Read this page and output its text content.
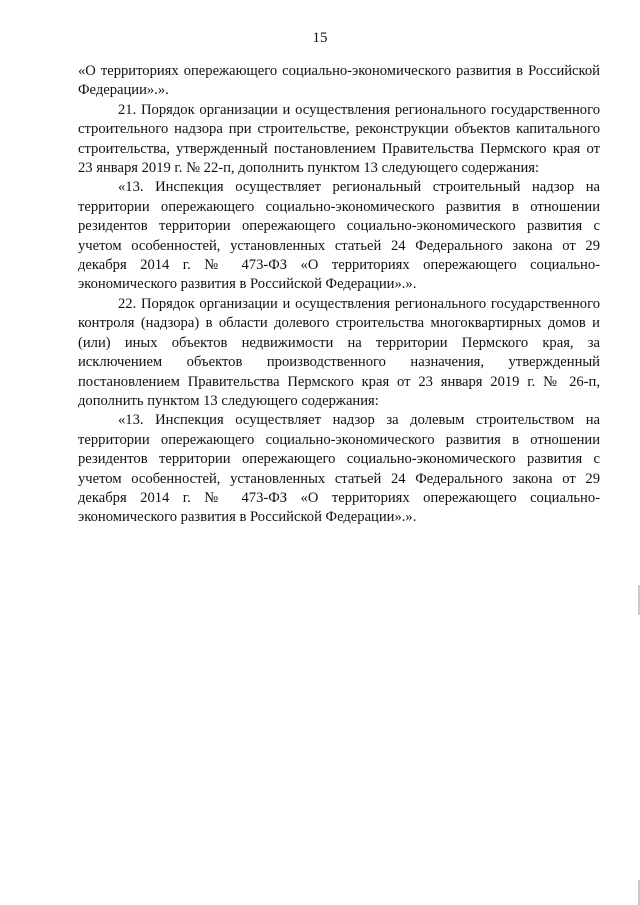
15

«О территориях опережающего социально-экономического развития в Российской Федерации».».

21. Порядок организации и осуществления регионального государственного строительного надзора при строительстве, реконструкции объектов капитального строительства, утвержденный постановлением Правительства Пермского края от 23 января 2019 г. № 22-п, дополнить пунктом 13 следующего содержания:

«13. Инспекция осуществляет региональный строительный надзор на территории опережающего социально-экономического развития в отношении резидентов территории опережающего социально-экономического развития с учетом особенностей, установленных статьей 24 Федерального закона от 29 декабря 2014 г. № 473-ФЗ «О территориях опережающего социально-экономического развития в Российской Федерации».».

22. Порядок организации и осуществления регионального государственного контроля (надзора) в области долевого строительства многоквартирных домов и (или) иных объектов недвижимости на территории Пермского края, за исключением объектов производственного назначения, утвержденный постановлением Правительства Пермского края от 23 января 2019 г. № 26-п, дополнить пунктом 13 следующего содержания:

«13. Инспекция осуществляет надзор за долевым строительством на территории опережающего социально-экономического развития в отношении резидентов территории опережающего социально-экономического развития с учетом особенностей, установленных статьей 24 Федерального закона от 29 декабря 2014 г. № 473-ФЗ «О территориях опережающего социально-экономического развития в Российской Федерации».».
